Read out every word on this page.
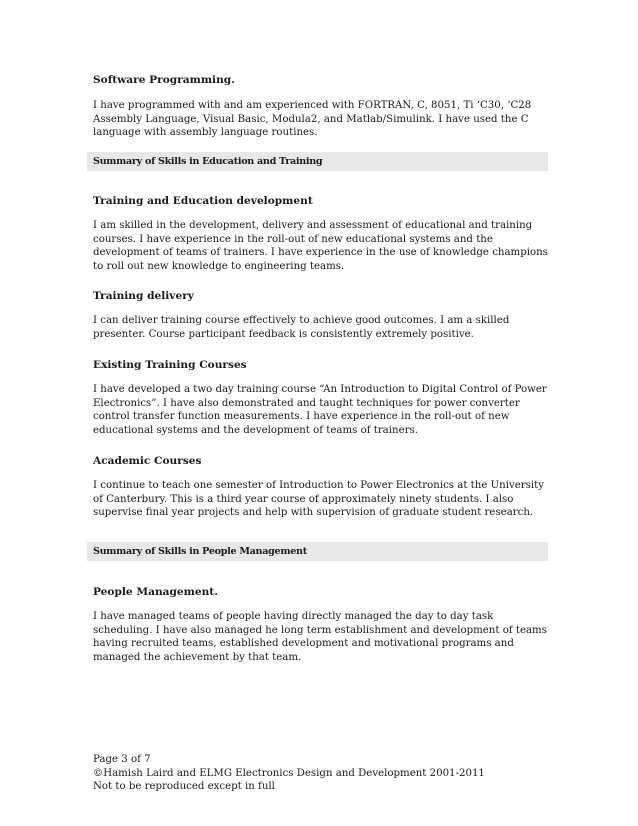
Software Programming.

I have programmed with and am experienced with FORTRAN, C, 8051, Ti ‘C30, ‘C28 Assembly Language, Visual Basic, Modula2, and Matlab/Simulink. I have used the C language with assembly language routines.

Summary of Skills in Education and Training
Training and Education development

I am skilled in the development, delivery and assessment of educational and training courses. I have experience in the roll-out of new educational systems and the development of teams of trainers. I have experience in the use of knowledge champions to roll out new knowledge to engineering teams.

Training delivery

I can deliver training course effectively to achieve good outcomes. I am a skilled presenter. Course participant feedback is consistently extremely positive.

Existing Training Courses

I have developed a two day training course “An Introduction to Digital Control of Power Electronics”. I have also demonstrated and taught techniques for power converter control transfer function measurements. I have experience in the roll-out of new educational systems and the development of teams of trainers.

Academic Courses

I continue to teach one semester of Introduction to Power Electronics at the University of Canterbury. This is a third year course of approximately ninety students. I also supervise final year projects and help with supervision of graduate student research.

Summary of Skills in People Management
People Management.

I have managed teams of people having directly managed the day to day task scheduling. I have also managed he long term establishment and development of teams having recruited teams, established development and motivational programs and managed the achievement by that team.

Page 3 of 7
©Hamish Laird and ELMG Electronics Design and Development 2001-2011
Not to be reproduced except in full
